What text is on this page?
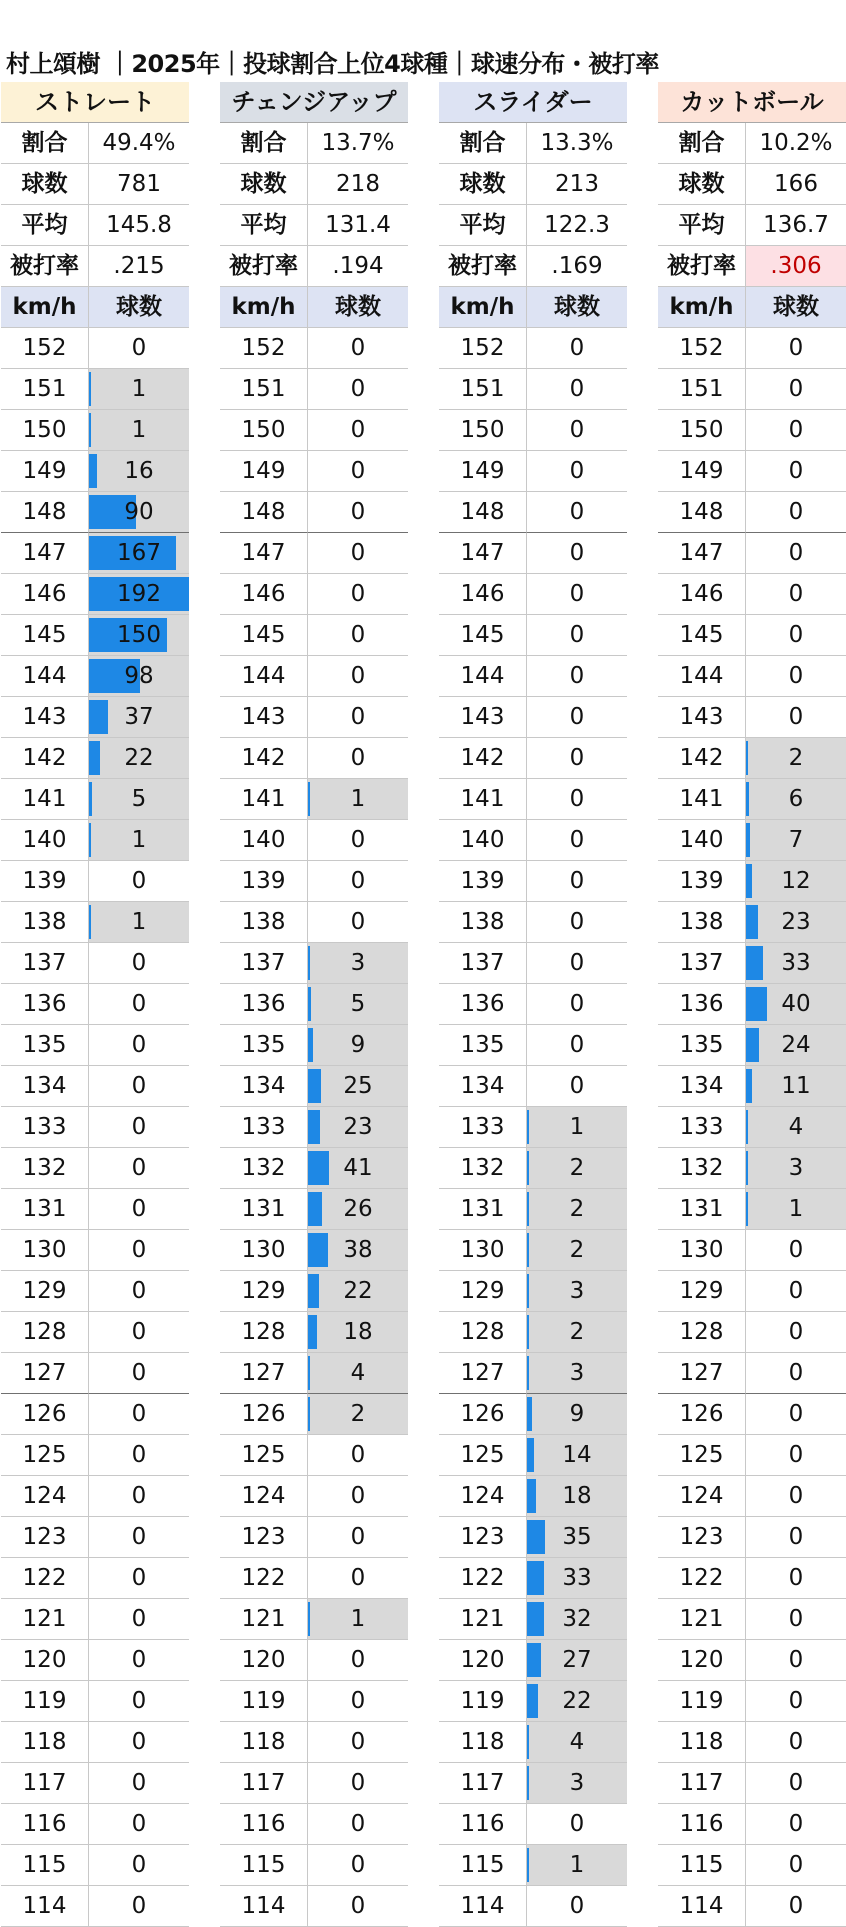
村上頌樹 ｜2025年｜投球割合上位4球種｜球速分布・被打率
ストレート
割合	49.4%
球数	781
平均	145.8
被打率	.215
km/h	球数
152	0
151	1
150	1
149	16
148	90
147	167
146	192
145	150
144	98
143	37
142	22
141	5
140	1
139	0
138	1
137	0
136	0
135	0
134	0
133	0
132	0
131	0
130	0
129	0
128	0
127	0
126	0
125	0
124	0
123	0
122	0
121	0
120	0
119	0
118	0
117	0
116	0
115	0
114	0
チェンジアップ
割合	13.7%
球数	218
平均	131.4
被打率	.194
km/h	球数
152	0
151	0
150	0
149	0
148	0
147	0
146	0
145	0
144	0
143	0
142	0
141	1
140	0
139	0
138	0
137	3
136	5
135	9
134	25
133	23
132	41
131	26
130	38
129	22
128	18
127	4
126	2
125	0
124	0
123	0
122	0
121	1
120	0
119	0
118	0
117	0
116	0
115	0
114	0
スライダー
割合	13.3%
球数	213
平均	122.3
被打率	.169
km/h	球数
152	0
151	0
150	0
149	0
148	0
147	0
146	0
145	0
144	0
143	0
142	0
141	0
140	0
139	0
138	0
137	0
136	0
135	0
134	0
133	1
132	2
131	2
130	2
129	3
128	2
127	3
126	9
125	14
124	18
123	35
122	33
121	32
120	27
119	22
118	4
117	3
116	0
115	1
114	0
カットボール
割合	10.2%
球数	166
平均	136.7
被打率	.306
km/h	球数
152	0
151	0
150	0
149	0
148	0
147	0
146	0
145	0
144	0
143	0
142	2
141	6
140	7
139	12
138	23
137	33
136	40
135	24
134	11
133	4
132	3
131	1
130	0
129	0
128	0
127	0
126	0
125	0
124	0
123	0
122	0
121	0
120	0
119	0
118	0
117	0
116	0
115	0
114	0
